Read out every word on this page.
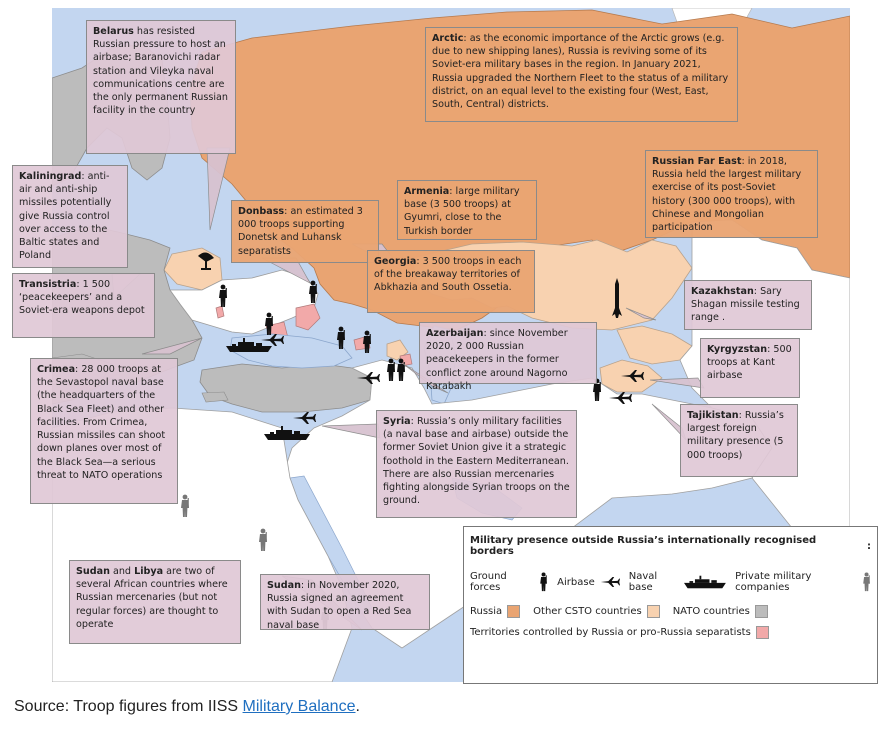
Belarus has resisted Russian pressure to host an airbase; Baranovichi radar station and Vileyka naval communications centre are the only permanent Russian facility in the country
Arctic: as the economic importance of the Arctic grows (e.g. due to new shipping lanes), Russia is reviving some of its Soviet-era military bases in the region. In January 2021, Russia upgraded the Northern Fleet to the status of a military district, on an equal level to the existing four (West, East, South, Central) districts.
Russian Far East: in 2018, Russia held the largest military exercise of its post-Soviet history (300 000 troops), with Chinese and Mongolian participation
Kaliningrad: anti-air and anti-ship missiles potentially give Russia control over access to the Baltic states and Poland
Donbass: an estimated 3 000 troops supporting Donetsk and Luhansk separatists
Armenia: large military base (3 500 troops) at Gyumri, close to the Turkish border
Georgia: 3 500 troops in each of the breakaway territories of Abkhazia and South Ossetia.
Transistria: 1 500 ‘peacekeepers’ and a Soviet-era weapons depot
Kazakhstan: Sary Shagan missile testing range .
Azerbaijan: since November 2020, 2 000 Russian peacekeepers in the former conflict zone around Nagorno Karabakh
Kyrgyzstan: 500 troops at Kant airbase
Crimea: 28 000 troops at the Sevastopol naval base (the headquarters of the Black Sea Fleet) and other facilities. From Crimea, Russian missiles can shoot down planes over most of the Black Sea—a serious threat to NATO operations
Tajikistan: Russia’s largest foreign military presence (5 000 troops)
Syria: Russia’s only military facilities (a naval base and airbase) outside the former Soviet Union give it a strategic foothold in the Eastern Mediterranean. There are also Russian mercenaries fighting alongside Syrian troops on the ground.
Sudan and Libya are two of several African countries where Russian mercenaries (but not regular forces) are thought to operate
Sudan: in November 2020, Russia signed an agreement with Sudan to open a Red Sea naval base
Military presence outside Russia’s internationally recognised borders	:
Ground forces	Airbase	Naval base
Private military companies
Russia	Other CSTO countries	NATO countries
Territories controlled by Russia or pro-Russia separatists
Source: Troop figures from IISS Military Balance.
